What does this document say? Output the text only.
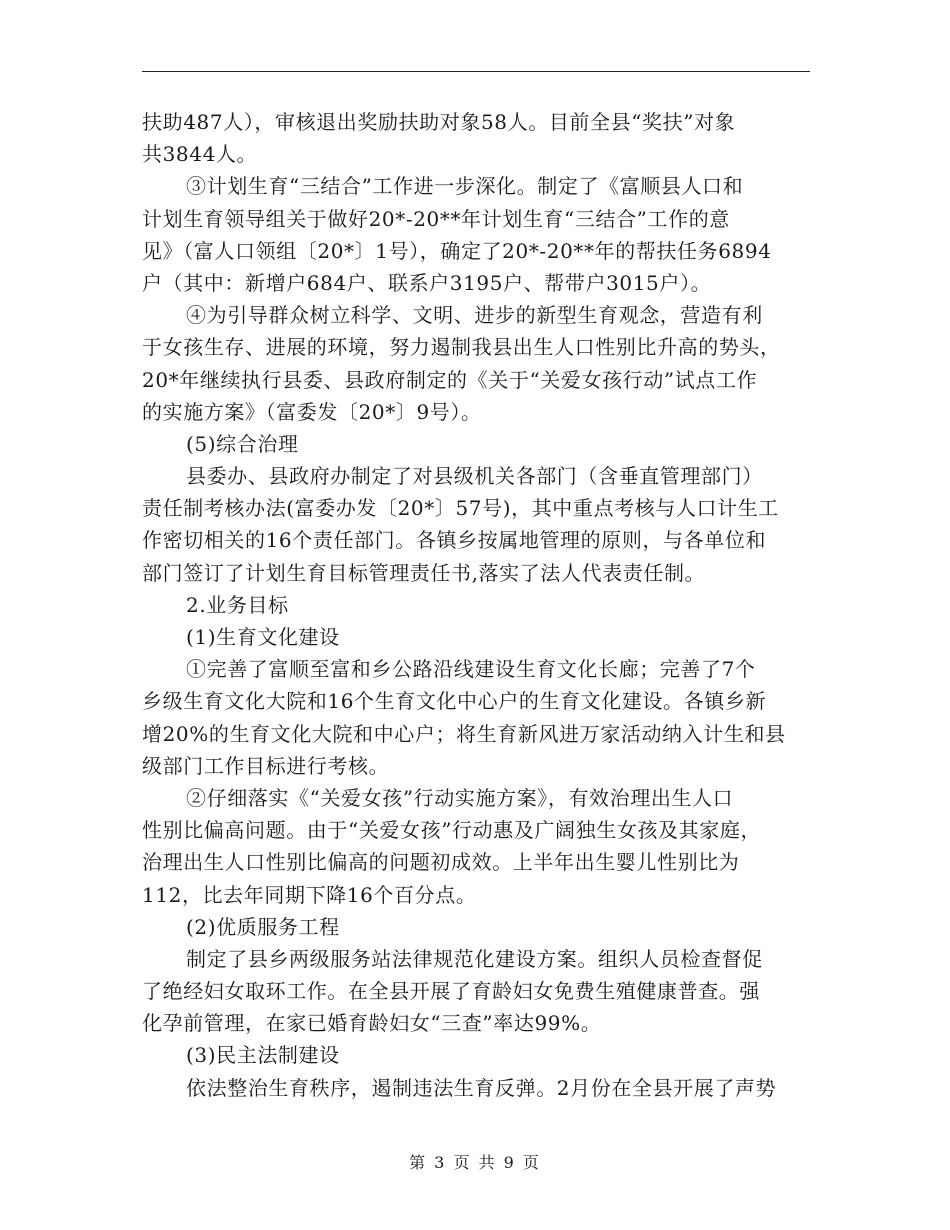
扶助487人），审核退出奖励扶助对象58人。目前全县“奖扶”对象
共3844人。
③计划生育“三结合”工作进一步深化。制定了《富顺县人口和
计划生育领导组关于做好20*-20**年计划生育“三结合”工作的意
见》（富人口领组〔20*〕1号），确定了20*-20**年的帮扶任务6894
户（其中：新增户684户、联系户3195户、帮带户3015户）。
④为引导群众树立科学、文明、进步的新型生育观念，营造有利
于女孩生存、进展的环境，努力遏制我县出生人口性别比升高的势头，
20*年继续执行县委、县政府制定的《关于“关爱女孩行动”试点工作
的实施方案》（富委发〔20*〕9号）。
(5)综合治理
县委办、县政府办制定了对县级机关各部门（含垂直管理部门）
责任制考核办法(富委办发〔20*〕57号)，其中重点考核与人口计生工
作密切相关的16个责任部门。各镇乡按属地管理的原则，与各单位和
部门签订了计划生育目标管理责任书,落实了法人代表责任制。
2.业务目标
(1)生育文化建设
①完善了富顺至富和乡公路沿线建设生育文化长廊；完善了7个
乡级生育文化大院和16个生育文化中心户的生育文化建设。各镇乡新
增20%的生育文化大院和中心户；将生育新风进万家活动纳入计生和县
级部门工作目标进行考核。
②仔细落实《“关爱女孩”行动实施方案》，有效治理出生人口
性别比偏高问题。由于“关爱女孩”行动惠及广阔独生女孩及其家庭，
治理出生人口性别比偏高的问题初成效。上半年出生婴儿性别比为
112，比去年同期下降16个百分点。
(2)优质服务工程
制定了县乡两级服务站法律规范化建设方案。组织人员检查督促
了绝经妇女取环工作。在全县开展了育龄妇女免费生殖健康普查。强
化孕前管理，在家已婚育龄妇女“三查”率达99%。
(3)民主法制建设
依法整治生育秩序，遏制违法生育反弹。2月份在全县开展了声势
第 3 页 共 9 页
